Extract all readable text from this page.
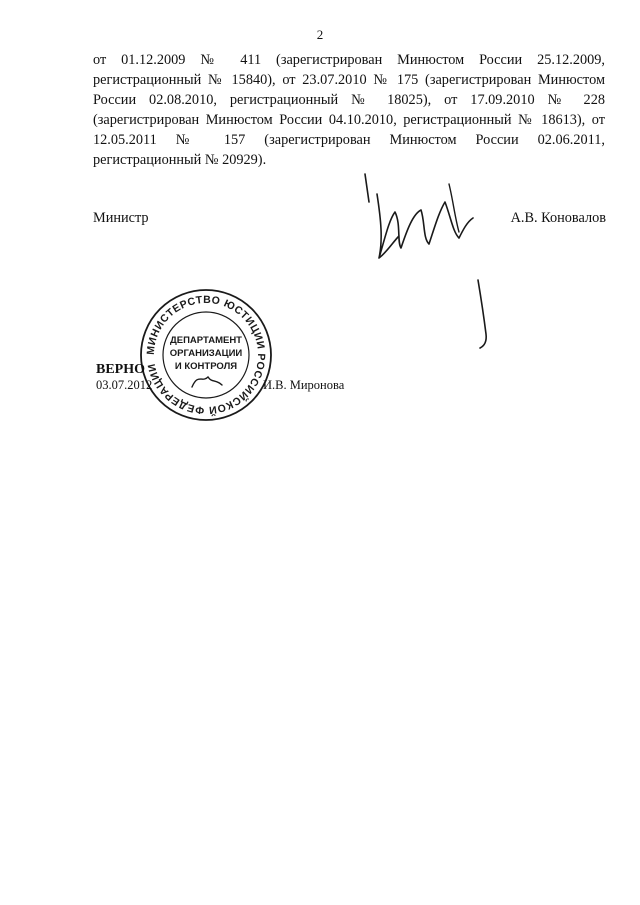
2
от 01.12.2009 № 411 (зарегистрирован Минюстом России 25.12.2009, регистрационный № 15840), от 23.07.2010 № 175 (зарегистрирован Минюстом России 02.08.2010, регистрационный № 18025), от 17.09.2010 № 228 (зарегистрирован Минюстом России 04.10.2010, регистрационный № 18613), от 12.05.2011 № 157 (зарегистрирован Минюстом России 02.06.2011, регистрационный № 20929).
Министр	А.В. Коновалов
МИНИСТЕРСТВО ЮСТИЦИИ РОССИЙСКОЙ ФЕДЕРАЦИИ
ДЕПАРТАМЕНТ
ОРГАНИЗАЦИИ
И КОНТРОЛЯ
ВЕРНО
03.07.2012	И.В. Миронова
